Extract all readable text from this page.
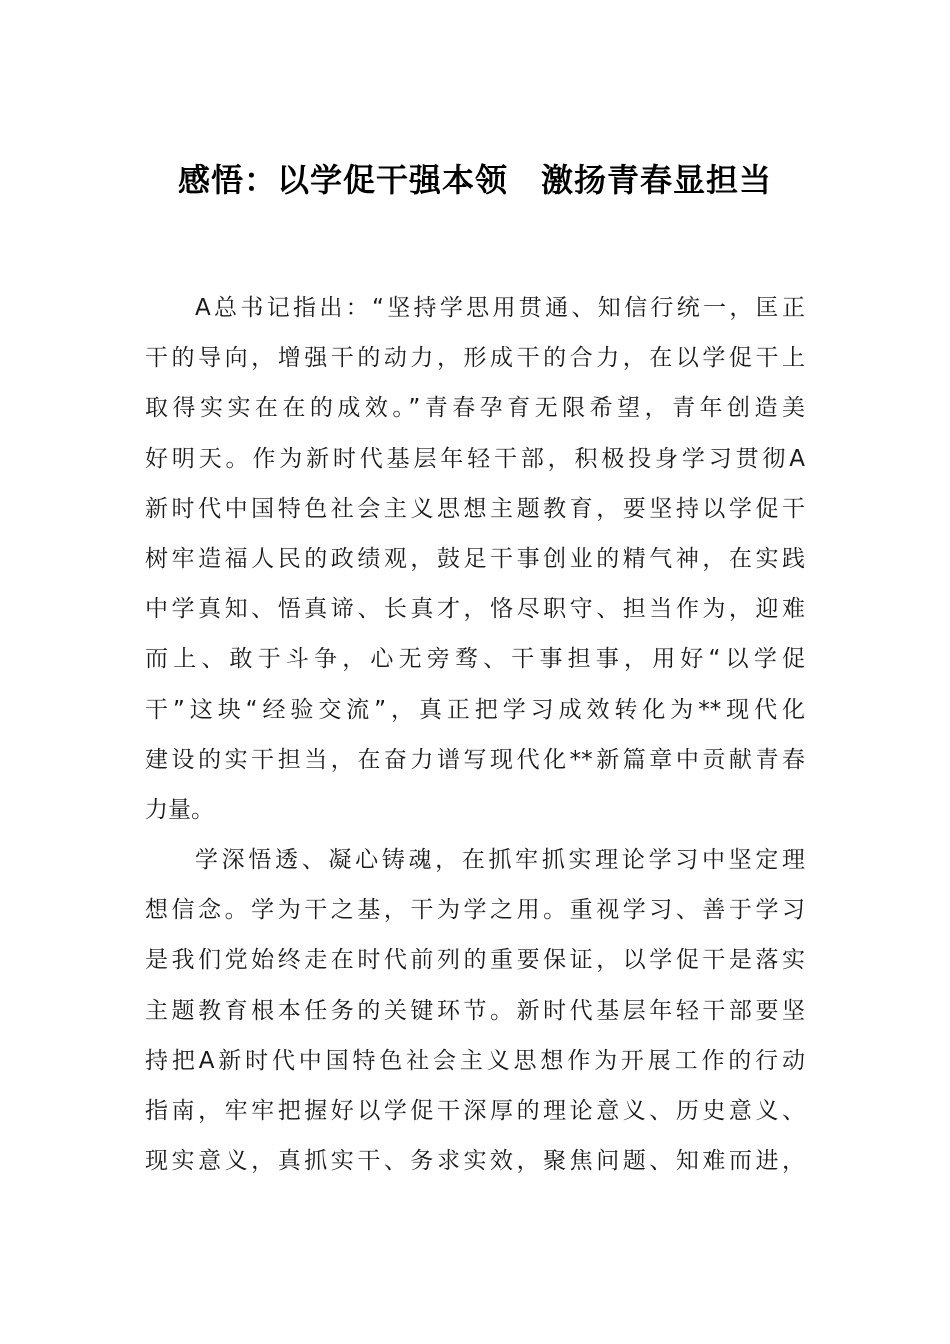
感悟：以学促干强本领　激扬青春显担当
A总书记指出：“坚持学思用贯通、知信行统一，匡正
干的导向，增强干的动力，形成干的合力，在以学促干上
取得实实在在的成效。”青春孕育无限希望，青年创造美
好明天。作为新时代基层年轻干部，积极投身学习贯彻A
新时代中国特色社会主义思想主题教育，要坚持以学促干
树牢造福人民的政绩观，鼓足干事创业的精气神，在实践
中学真知、悟真谛、长真才，恪尽职守、担当作为，迎难
而上、敢于斗争，心无旁骛、干事担事，用好“以学促
干”这块“经验交流”，真正把学习成效转化为**现代化
建设的实干担当，在奋力谱写现代化**新篇章中贡献青春
力量。
学深悟透、凝心铸魂，在抓牢抓实理论学习中坚定理
想信念。学为干之基，干为学之用。重视学习、善于学习
是我们党始终走在时代前列的重要保证，以学促干是落实
主题教育根本任务的关键环节。新时代基层年轻干部要坚
持把A新时代中国特色社会主义思想作为开展工作的行动
指南，牢牢把握好以学促干深厚的理论意义、历史意义、
现实意义，真抓实干、务求实效，聚焦问题、知难而进，
